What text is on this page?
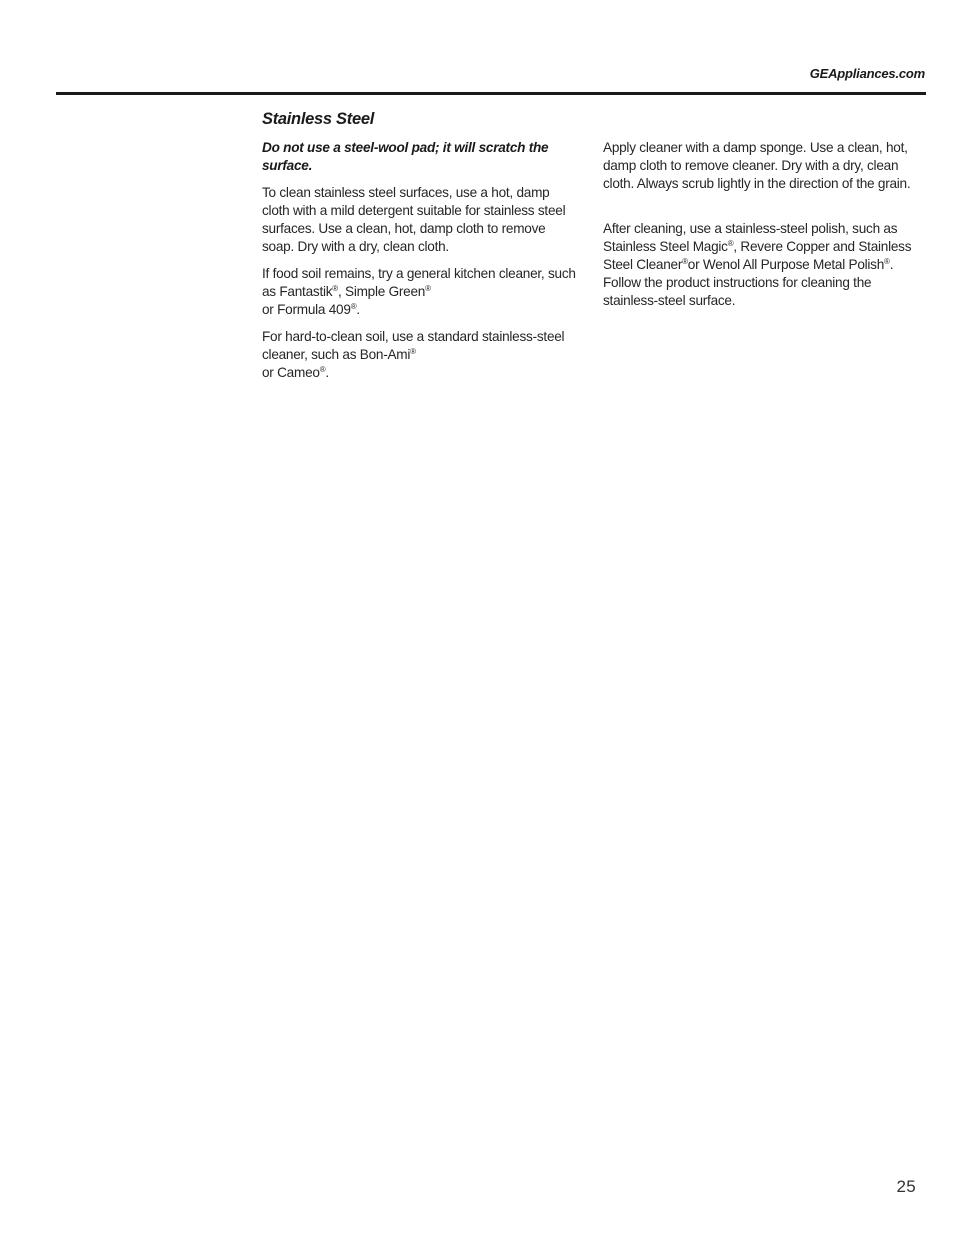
GEAppliances.com
Stainless Steel

Do not use a steel-wool pad; it will scratch the surface.

To clean stainless steel surfaces, use a hot, damp cloth with a mild detergent suitable for stainless steel surfaces. Use a clean, hot, damp cloth to remove soap. Dry with a dry, clean cloth.

If food soil remains, try a general kitchen cleaner, such as Fantastik®, Simple Green®
or Formula 409®.

For hard-to-clean soil, use a standard stainless-steel cleaner, such as Bon-Ami®
or Cameo®.

Apply cleaner with a damp sponge. Use a clean, hot, damp cloth to remove cleaner. Dry with a dry, clean cloth. Always scrub lightly in the direction of the grain.

After cleaning, use a stainless-steel polish, such as Stainless Steel Magic®, Revere Copper and Stainless Steel Cleaner®or Wenol All Purpose Metal Polish®. Follow the product instructions for cleaning the stainless-steel surface.

25
